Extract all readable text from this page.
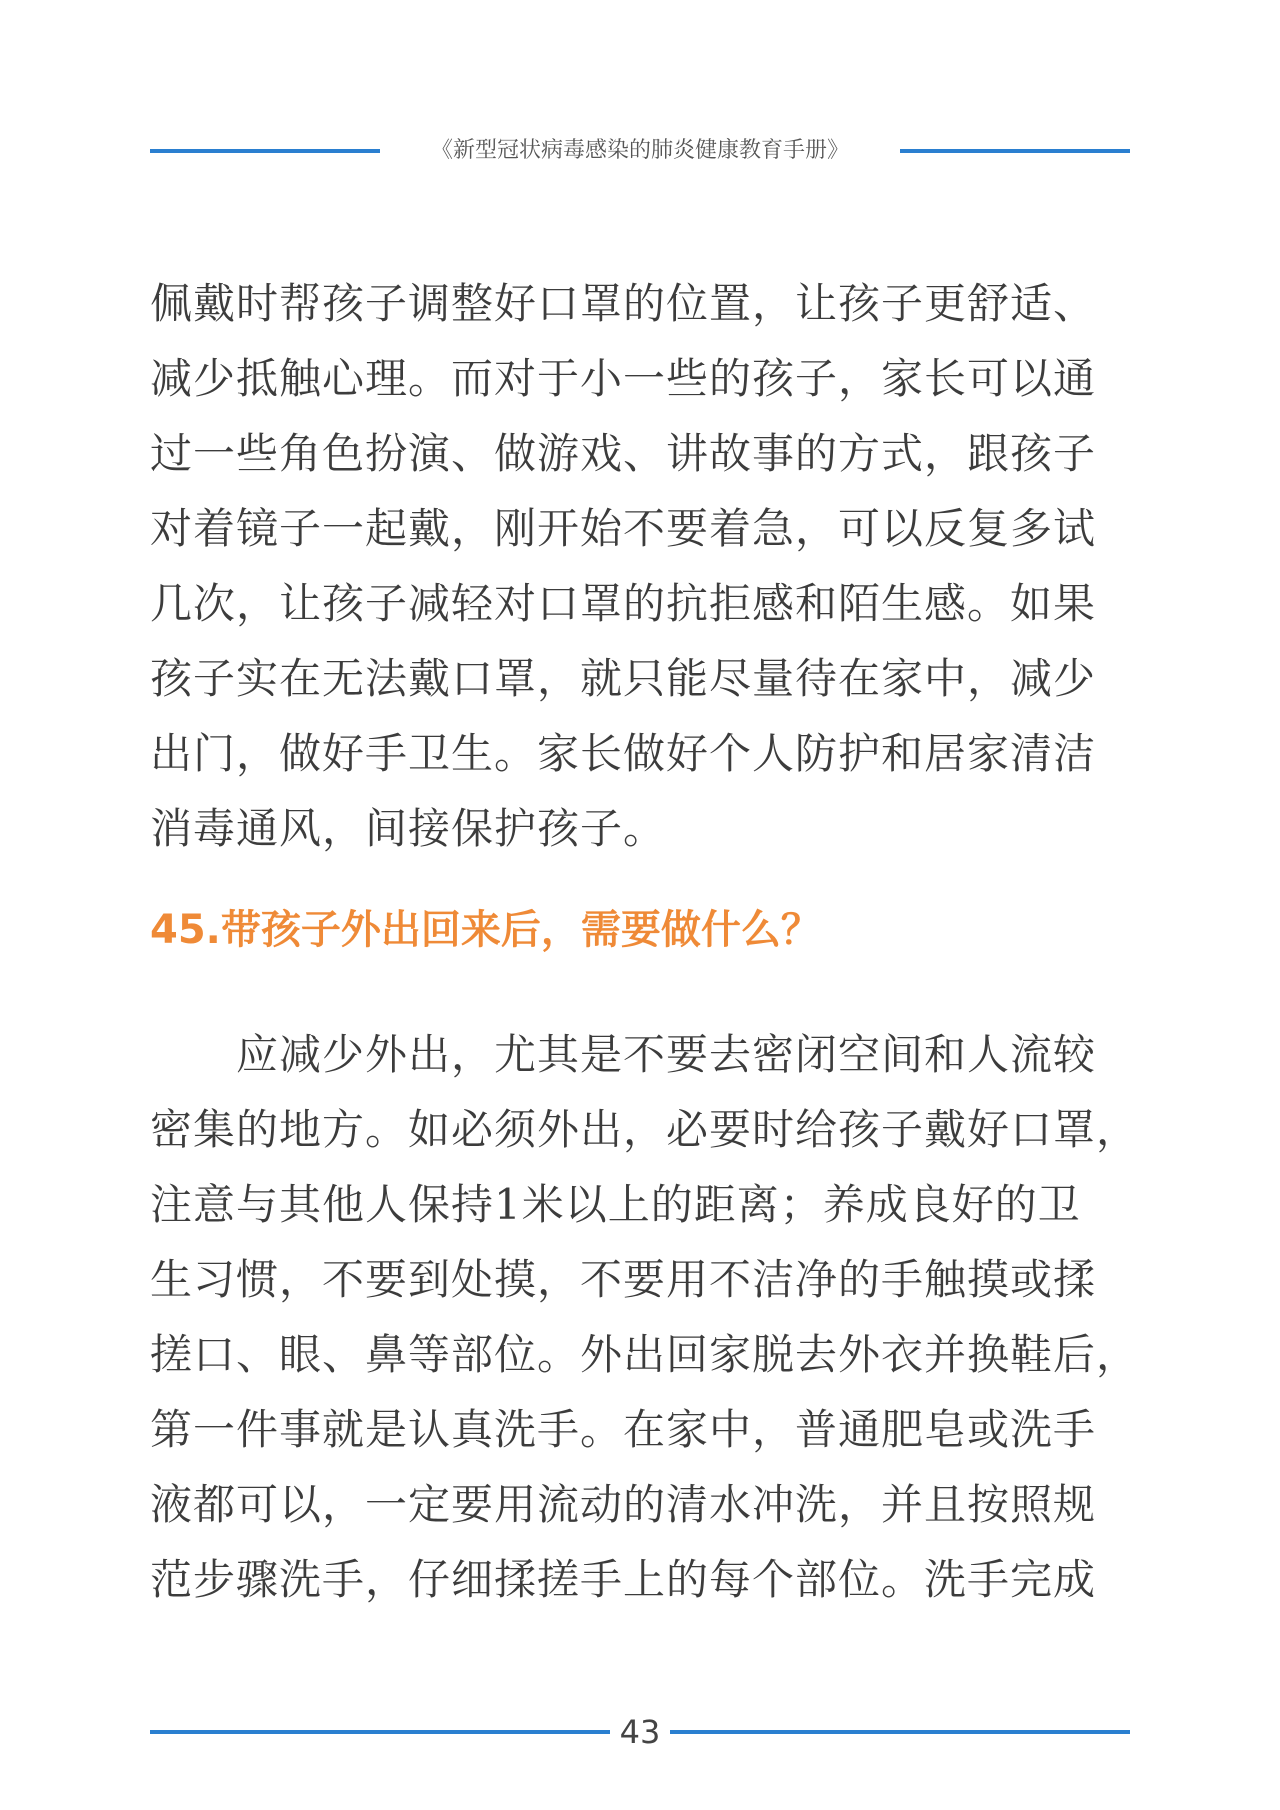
《新型冠状病毒感染的肺炎健康教育手册》
佩戴时帮孩子调整好口罩的位置，让孩子更舒适、
减少抵触心理。而对于小一些的孩子，家长可以通
过一些角色扮演、做游戏、讲故事的方式，跟孩子
对着镜子一起戴，刚开始不要着急，可以反复多试
几次，让孩子减轻对口罩的抗拒感和陌生感。如果
孩子实在无法戴口罩，就只能尽量待在家中，减少
出门，做好手卫生。家长做好个人防护和居家清洁
消毒通风，间接保护孩子。
45.带孩子外出回来后，需要做什么？
　　应减少外出，尤其是不要去密闭空间和人流较
密集的地方。如必须外出，必要时给孩子戴好口罩，
注意与其他人保持1米以上的距离；养成良好的卫
生习惯，不要到处摸，不要用不洁净的手触摸或揉
搓口、眼、鼻等部位。外出回家脱去外衣并换鞋后，
第一件事就是认真洗手。在家中，普通肥皂或洗手
液都可以，一定要用流动的清水冲洗，并且按照规
范步骤洗手，仔细揉搓手上的每个部位。洗手完成
43
